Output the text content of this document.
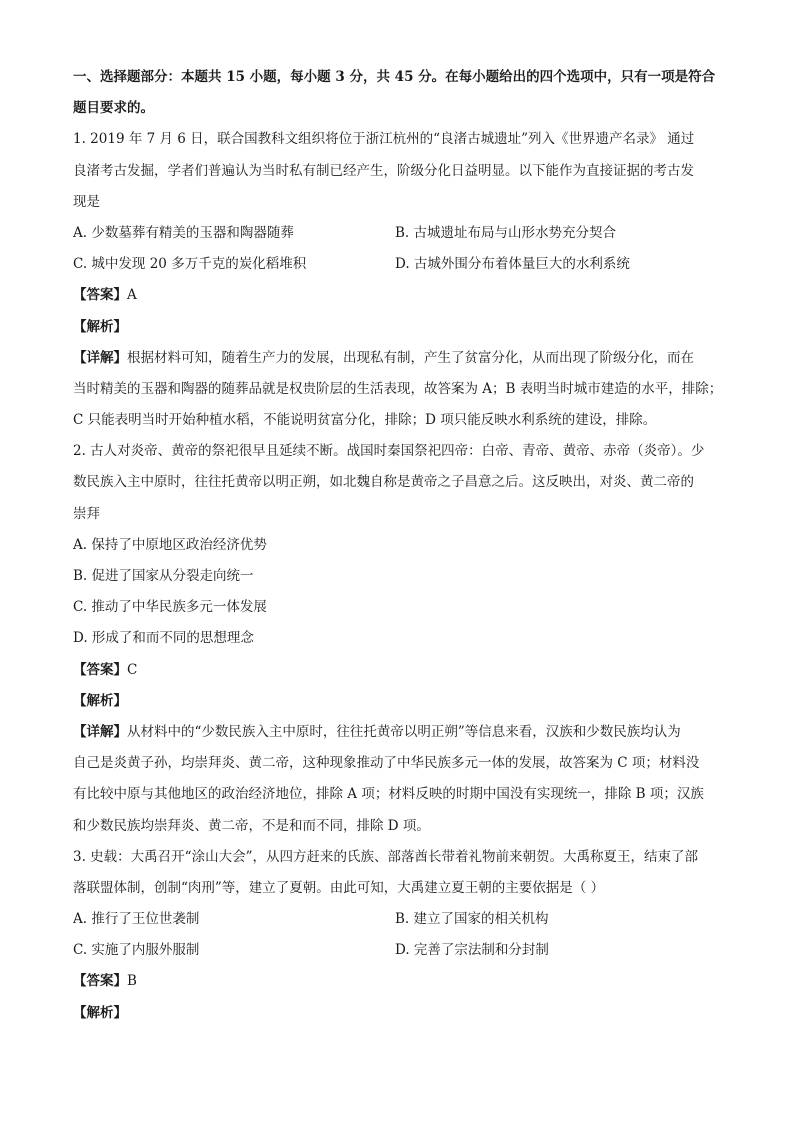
一、选择题部分：本题共 15 小题，每小题 3 分，共 45 分。在每小题给出的四个选项中，只有一项是符合
题目要求的。
1. 2019 年 7 月 6 日，联合国教科文组织将位于浙江杭州的“良渚古城遗址”列入《世界遗产名录》 通过
良渚考古发掘，学者们普遍认为当时私有制已经产生，阶级分化日益明显。以下能作为直接证据的考古发
现是
A. 少数墓葬有精美的玉器和陶器随葬	B. 古城遗址布局与山形水势充分契合
C. 城中发现 20 多万千克的炭化稻堆积	D. 古城外围分布着体量巨大的水利系统
【答案】A
【解析】
【详解】根据材料可知，随着生产力的发展，出现私有制，产生了贫富分化，从而出现了阶级分化，而在
当时精美的玉器和陶器的随葬品就是权贵阶层的生活表现，故答案为 A；B 表明当时城市建造的水平，排除；
C 只能表明当时开始种植水稻，不能说明贫富分化，排除；D 项只能反映水利系统的建设，排除。
2. 古人对炎帝、黄帝的祭祀很早且延续不断。战国时秦国祭祀四帝：白帝、青帝、黄帝、赤帝（炎帝）。少
数民族入主中原时，往往托黄帝以明正朔，如北魏自称是黄帝之子昌意之后。这反映出，对炎、黄二帝的
崇拜
A. 保持了中原地区政治经济优势
B. 促进了国家从分裂走向统一
C. 推动了中华民族多元一体发展
D. 形成了和而不同的思想理念
【答案】C
【解析】
【详解】从材料中的“少数民族入主中原时，往往托黄帝以明正朔”等信息来看，汉族和少数民族均认为
自己是炎黄子孙，均崇拜炎、黄二帝，这种现象推动了中华民族多元一体的发展，故答案为 C 项；材料没
有比较中原与其他地区的政治经济地位，排除 A 项；材料反映的时期中国没有实现统一，排除 B 项；汉族
和少数民族均崇拜炎、黄二帝，不是和而不同，排除 D 项。
3. 史载：大禹召开“涂山大会”，从四方赶来的氏族、部落酋长带着礼物前来朝贺。大禹称夏王，结束了部
落联盟体制，创制“肉刑”等，建立了夏朝。由此可知，大禹建立夏王朝的主要依据是（ ）
A. 推行了王位世袭制	B. 建立了国家的相关机构
C. 实施了内服外服制	D. 完善了宗法制和分封制
【答案】B
【解析】
